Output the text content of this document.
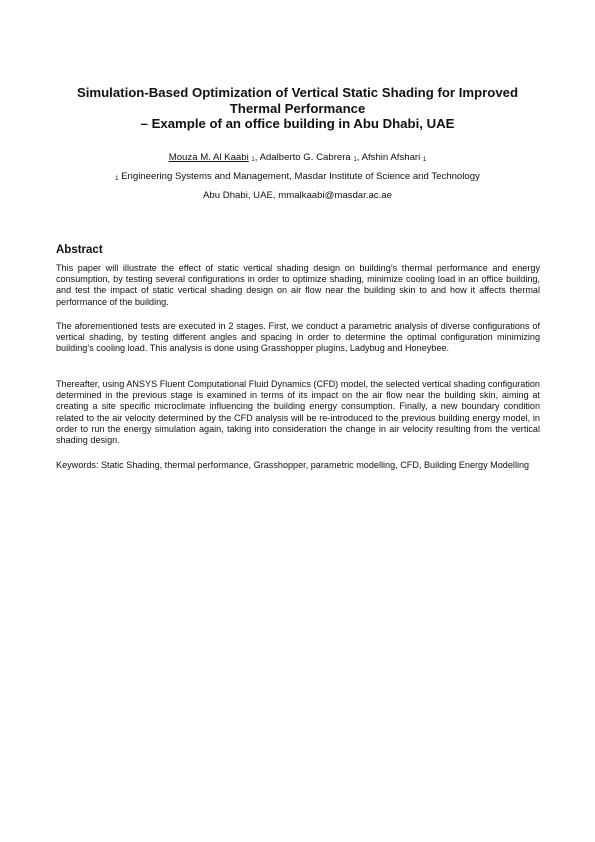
Simulation-Based Optimization of Vertical Static Shading for Improved
Thermal Performance
– Example of an office building in Abu Dhabi, UAE
Mouza M. Al Kaabi $^1$, Adalberto G. Cabrera $^1$, Afshin Afshari $^1$
$^1$ Engineering Systems and Management, Masdar Institute of Science and Technology
Abu Dhabi, UAE, mmalkaabi@masdar.ac.ae
Abstract

This paper will illustrate the effect of static vertical shading design on building’s thermal performance and energy consumption, by testing several configurations in order to optimize shading, minimize cooling load in an office building, and test the impact of static vertical shading design on air flow near the building skin to and how it affects thermal performance of the building.

The aforementioned tests are executed in 2 stages. First, we conduct a parametric analysis of diverse configurations of vertical shading, by testing different angles and spacing in order to determine the optimal configuration minimizing building’s cooling load. This analysis is done using Grasshopper plugins, Ladybug and Honeybee.

Thereafter, using ANSYS Fluent Computational Fluid Dynamics (CFD) model, the selected vertical shading configuration determined in the previous stage is examined in terms of its impact on the air flow near the building skin, aiming at creating a site specific microclimate influencing the building energy consumption. Finally, a new boundary condition related to the air velocity determined by the CFD analysis will be re-introduced to the previous building energy model, in order to run the energy simulation again, taking into consideration the change in air velocity resulting from the vertical shading design.

Keywords: Static Shading, thermal performance, Grasshopper, parametric modelling, CFD, Building Energy Modelling
